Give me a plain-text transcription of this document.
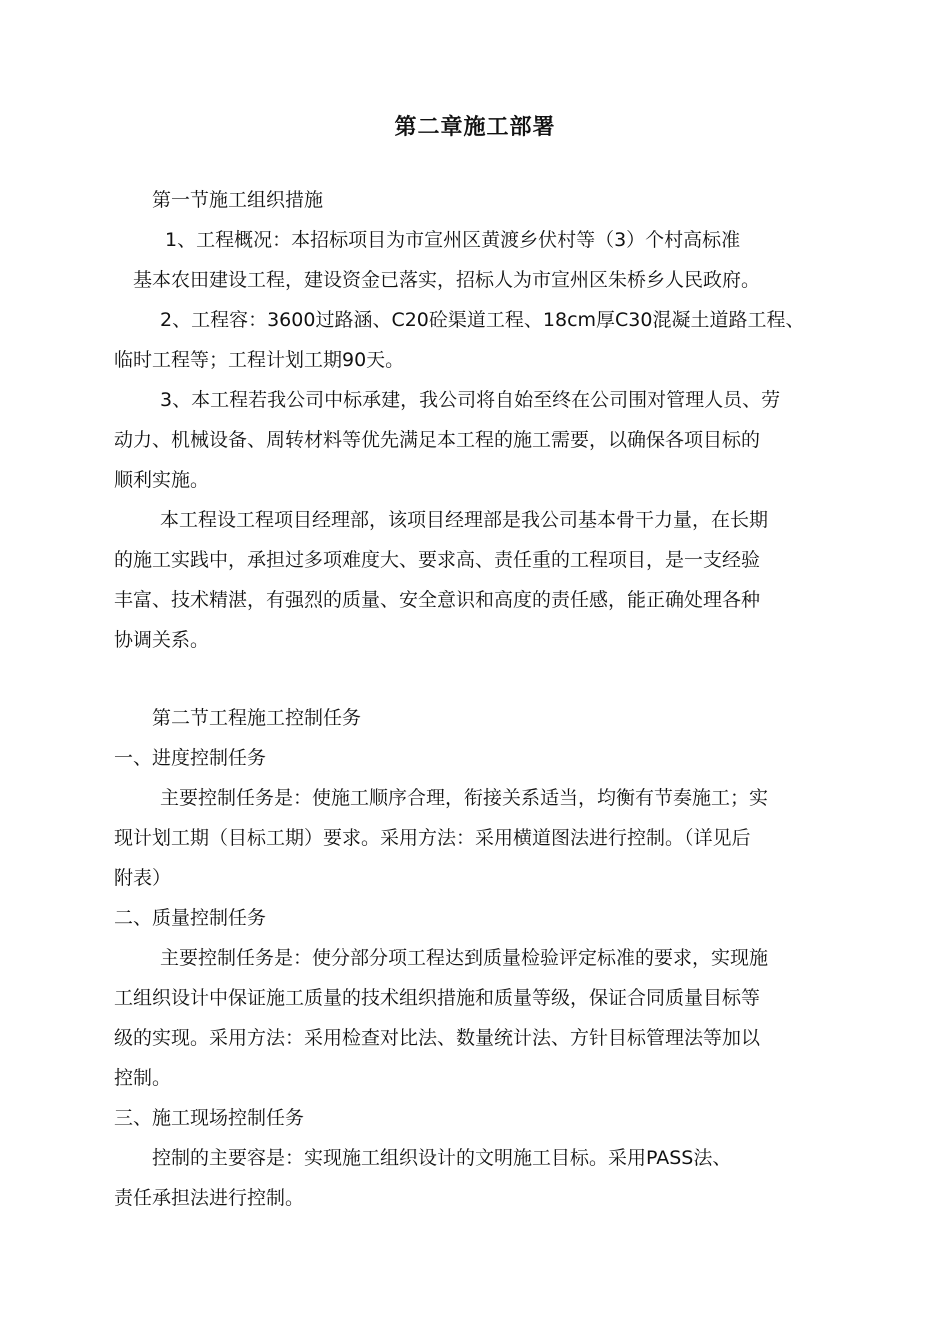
第二章施工部署
第一节施工组织措施
1、工程概况：本招标项目为市宣州区黄渡乡伏村等（3）个村高标准
基本农田建设工程，建设资金已落实，招标人为市宣州区朱桥乡人民政府。
2、工程容：3600过路涵、C20砼渠道工程、18cm厚C30混凝土道路工程、
临时工程等；工程计划工期90天。
3、本工程若我公司中标承建，我公司将自始至终在公司围对管理人员、劳
动力、机械设备、周转材料等优先满足本工程的施工需要，以确保各项目标的
顺利实施。
本工程设工程项目经理部，该项目经理部是我公司基本骨干力量，在长期
的施工实践中，承担过多项难度大、要求高、责任重的工程项目，是一支经验
丰富、技术精湛，有强烈的质量、安全意识和高度的责任感，能正确处理各种
协调关系。
第二节工程施工控制任务
一、进度控制任务
主要控制任务是：使施工顺序合理，衔接关系适当，均衡有节奏施工；实
现计划工期（目标工期）要求。采用方法：采用横道图法进行控制。（详见后
附表）
二、质量控制任务
主要控制任务是：使分部分项工程达到质量检验评定标准的要求，实现施
工组织设计中保证施工质量的技术组织措施和质量等级，保证合同质量目标等
级的实现。采用方法：采用检查对比法、数量统计法、方针目标管理法等加以
控制。
三、施工现场控制任务
控制的主要容是：实现施工组织设计的文明施工目标。采用PASS法、
责任承担法进行控制。
